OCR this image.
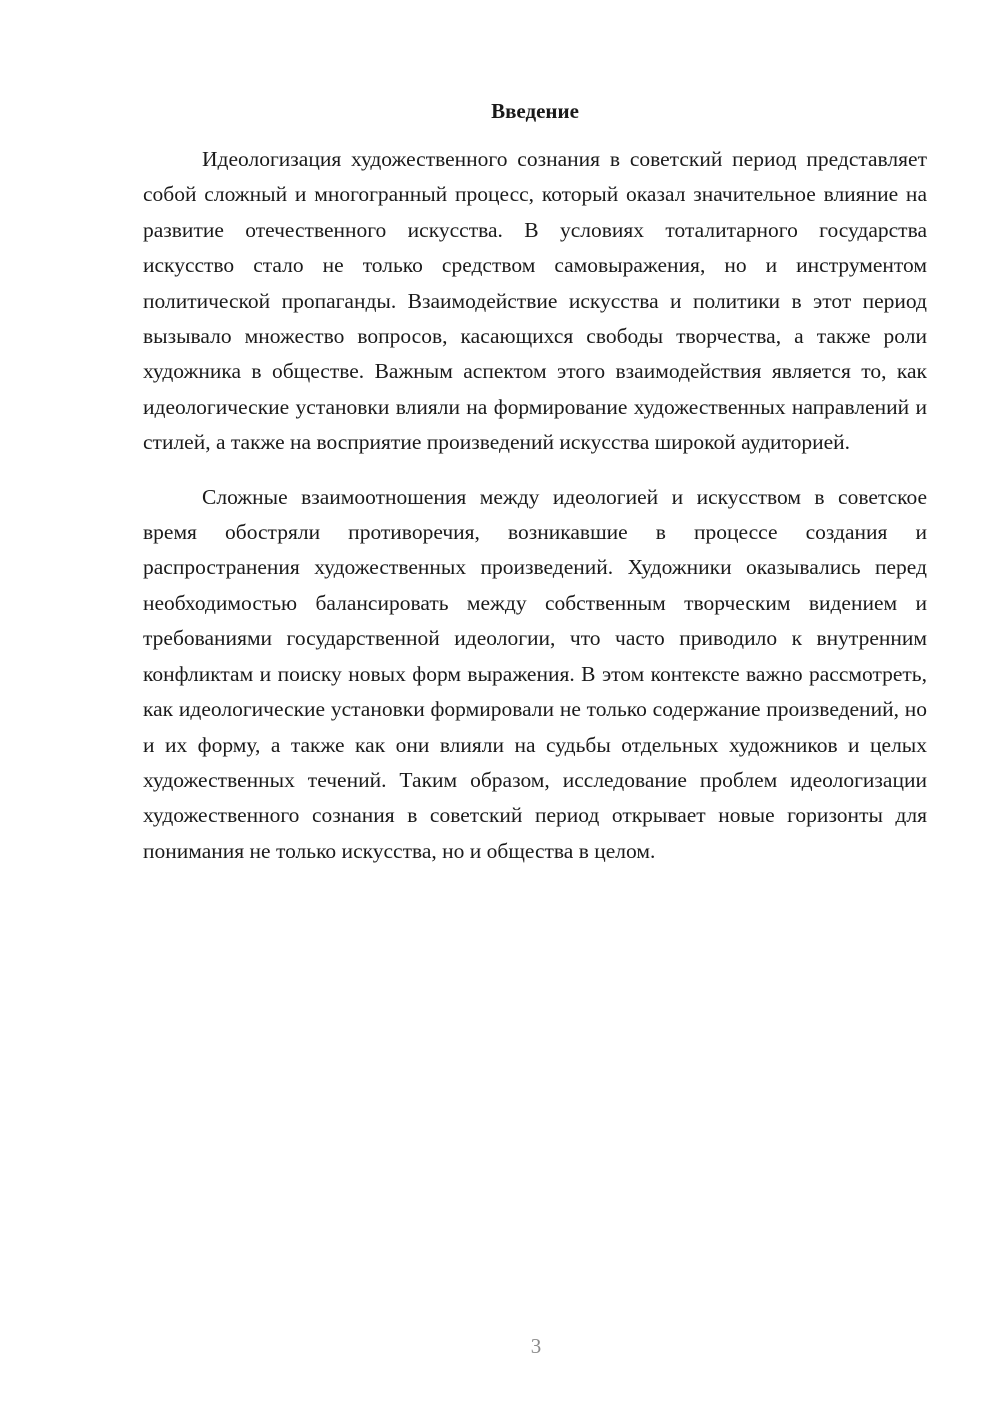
Введение

Идеологизация художественного сознания в советский период представляет собой сложный и многогранный процесс, который оказал значительное влияние на развитие отечественного искусства. В условиях тоталитарного государства искусство стало не только средством самовыражения, но и инструментом политической пропаганды. Взаимодействие искусства и политики в этот период вызывало множество вопросов, касающихся свободы творчества, а также роли художника в обществе. Важным аспектом этого взаимодействия является то, как идеологические установки влияли на формирование художественных направлений и стилей, а также на восприятие произведений искусства широкой аудиторией.

Сложные взаимоотношения между идеологией и искусством в советское время обостряли противоречия, возникавшие в процессе создания и распространения художественных произведений. Художники оказывались перед необходимостью балансировать между собственным творческим видением и требованиями государственной идеологии, что часто приводило к внутренним конфликтам и поиску новых форм выражения. В этом контексте важно рассмотреть, как идеологические установки формировали не только содержание произведений, но и их форму, а также как они влияли на судьбы отдельных художников и целых художественных течений. Таким образом, исследование проблем идеологизации художественного сознания в советский период открывает новые горизонты для понимания не только искусства, но и общества в целом.

3
